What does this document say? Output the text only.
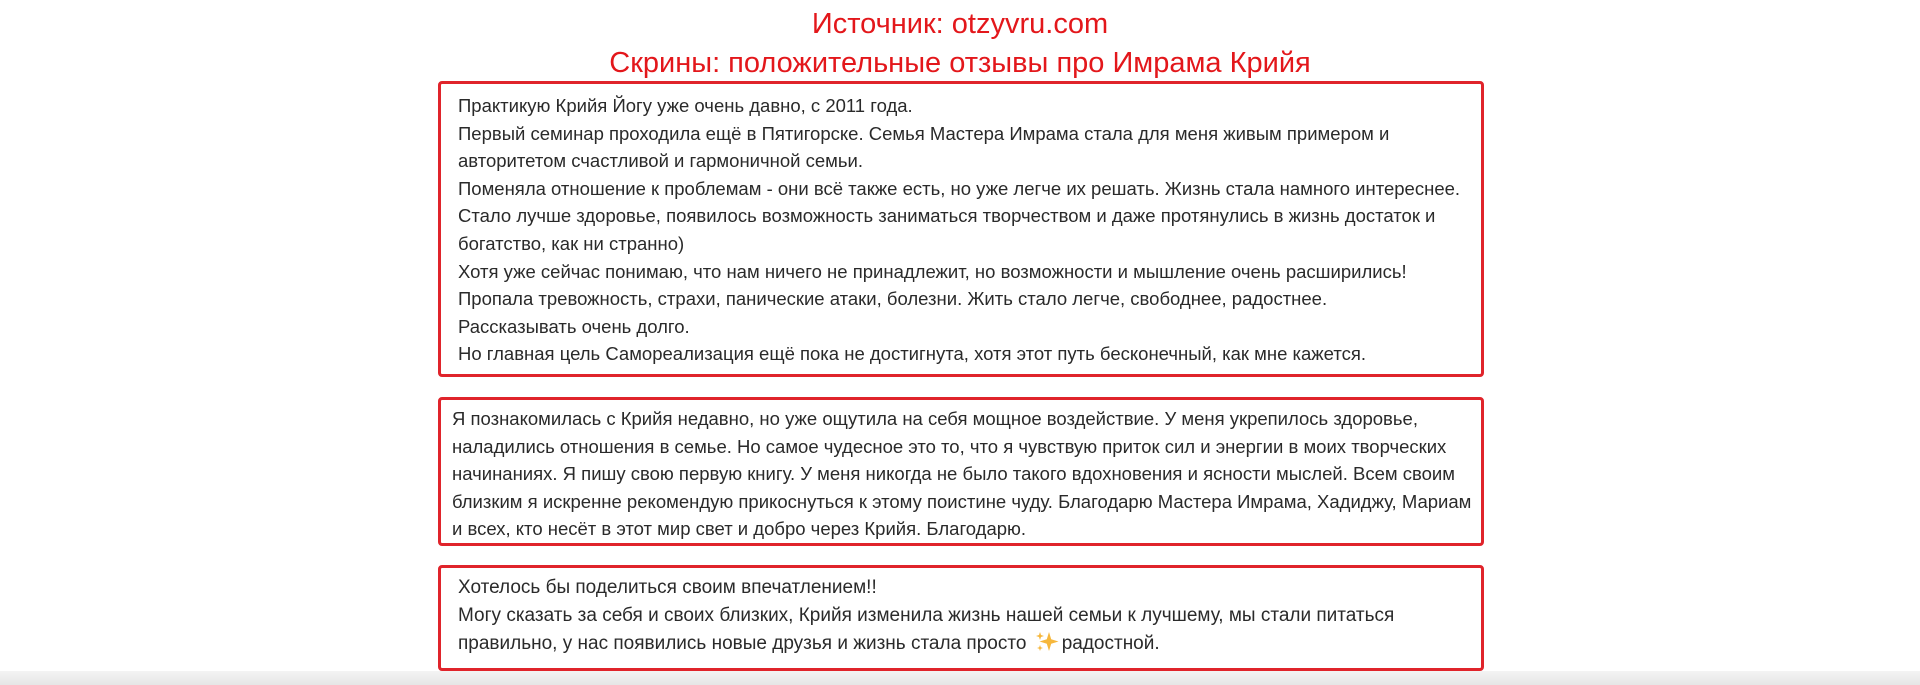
Источник: otzyvru.com
Скрины: положительные отзывы про Имрама Крийя

Практикую Крийя Йогу уже очень давно, с 2011 года.

Первый семинар проходила ещё в Пятигорске. Семья Мастера Имрама стала для меня живым примером и авторитетом счастливой и гармоничной семьи.

Поменяла отношение к проблемам - они всё также есть, но уже легче их решать. Жизнь стала намного интереснее. Стало лучше здоровье, появилось возможность заниматься творчеством и даже протянулись в жизнь достаток и богатство, как ни странно)

Хотя уже сейчас понимаю, что нам ничего не принадлежит, но возможности и мышление очень расширились!

Пропала тревожность, страхи, панические атаки, болезни. Жить стало легче, свободнее, радостнее.

Рассказывать очень долго.

Но главная цель Самореализация ещё пока не достигнута, хотя этот путь бесконечный, как мне кажется.

Я познакомилась с Крийя недавно, но уже ощутила на себя мощное воздействие. У меня укрепилось здоровье, наладились отношения в семье. Но самое чудесное это то, что я чувствую приток сил и энергии в моих творческих начинаниях. Я пишу свою первую книгу. У меня никогда не было такого вдохновения и ясности мыслей. Всем своим близким я искренне рекомендую прикоснуться к этому поистине чуду. Благодарю Мастера Имрама, Хадиджу, Мариам и всех, кто несёт в этот мир свет и добро через Крийя. Благодарю.

Хотелось бы поделиться своим впечатлением!!

Могу сказать за себя и своих близких, Крийя изменила жизнь нашей семьи к лучшему, мы стали питаться правильно, у нас появились новые друзья и жизнь стала просто радостной.
